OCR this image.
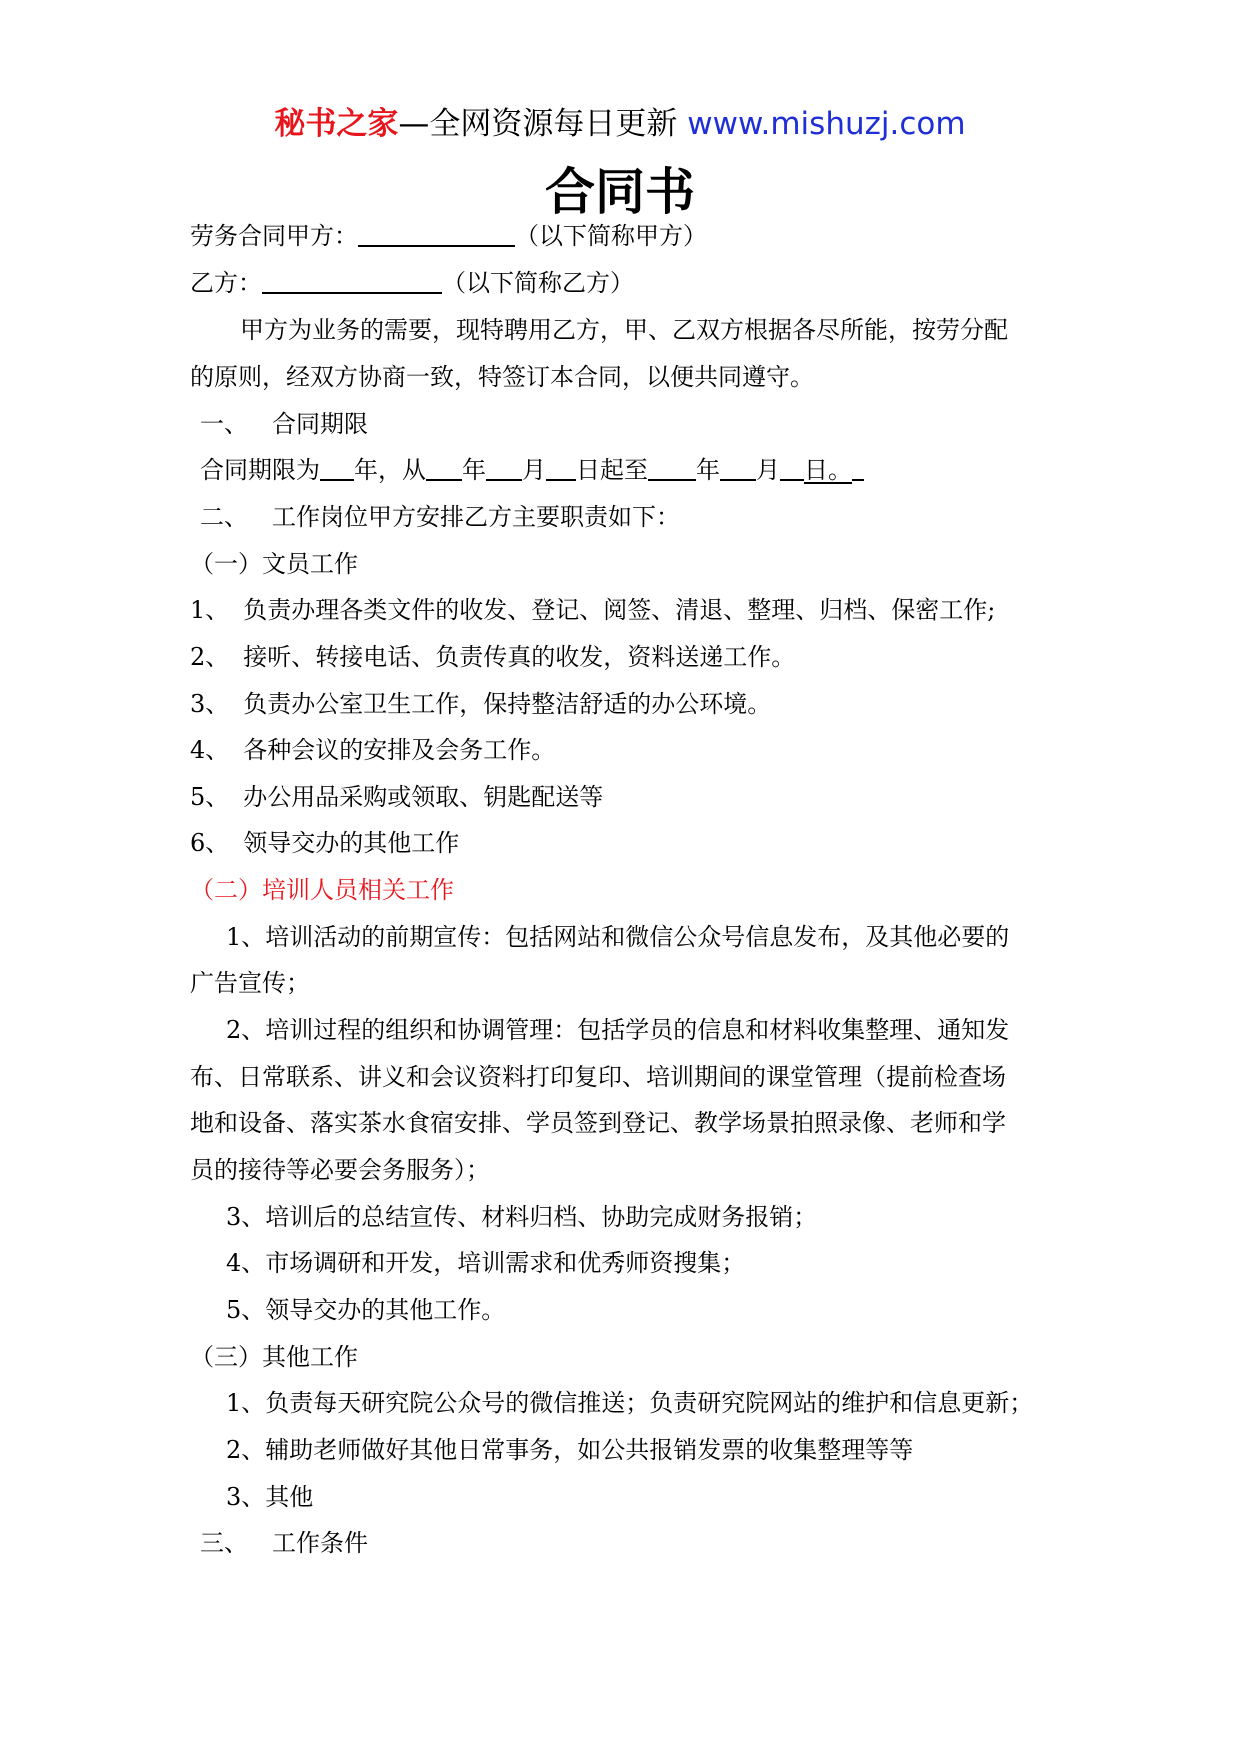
秘书之家—全网资源每日更新 www.mishuzj.com
合同书
劳务合同甲方：	（以下简称甲方）
乙方：	（以下简称乙方）
甲方为业务的需要，现特聘用乙方，甲、乙双方根据各尽所能，按劳分配
的原则，经双方协商一致，特签订本合同，以便共同遵守。
一、 合同期限
合同期限为 年，从 年 月 日起至 年 月 日。
二、 工作岗位甲方安排乙方主要职责如下：
（一）文员工作
1、 负责办理各类文件的收发、登记、阅签、清退、整理、归档、保密工作;
2、 接听、转接电话、负责传真的收发，资料送递工作。
3、 负责办公室卫生工作，保持整洁舒适的办公环境。
4、 各种会议的安排及会务工作。
5、 办公用品采购或领取、钥匙配送等
6、 领导交办的其他工作
（二）培训人员相关工作
1、培训活动的前期宣传：包括网站和微信公众号信息发布，及其他必要的
广告宣传；
2、培训过程的组织和协调管理：包括学员的信息和材料收集整理、通知发
布、日常联系、讲义和会议资料打印复印、培训期间的课堂管理（提前检查场
地和设备、落实茶水食宿安排、学员签到登记、教学场景拍照录像、老师和学
员的接待等必要会务服务）；
3、培训后的总结宣传、材料归档、协助完成财务报销；
4、市场调研和开发，培训需求和优秀师资搜集；
5、领导交办的其他工作。
（三）其他工作
1、负责每天研究院公众号的微信推送；负责研究院网站的维护和信息更新；
2、辅助老师做好其他日常事务，如公共报销发票的收集整理等等
3、其他
三、 工作条件
